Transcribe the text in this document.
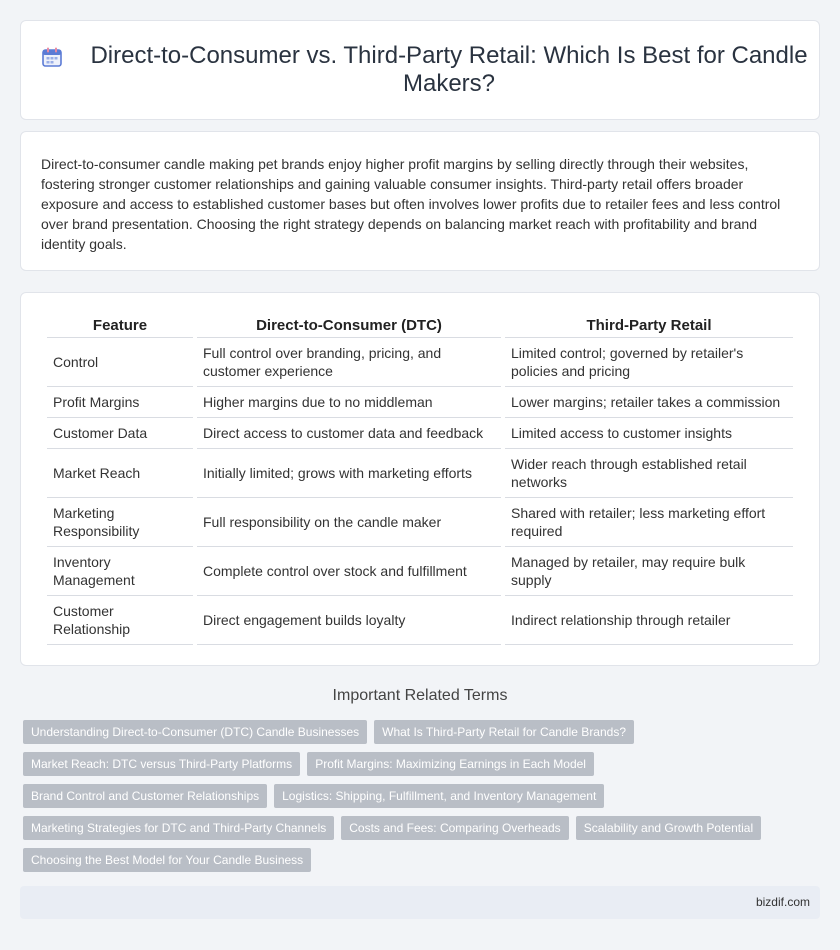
Direct-to-Consumer vs. Third-Party Retail: Which Is Best for Candle Makers?

Direct-to-consumer candle making pet brands enjoy higher profit margins by selling directly through their websites, fostering stronger customer relationships and gaining valuable consumer insights. Third-party retail offers broader exposure and access to established customer bases but often involves lower profits due to retailer fees and less control over brand presentation. Choosing the right strategy depends on balancing market reach with profitability and brand identity goals.

Feature	Direct-to-Consumer (DTC)	Third-Party Retail
Control	Full control over branding, pricing, and customer experience	Limited control; governed by retailer's policies and pricing
Profit Margins	Higher margins due to no middleman	Lower margins; retailer takes a commission
Customer Data	Direct access to customer data and feedback	Limited access to customer insights
Market Reach	Initially limited; grows with marketing efforts	Wider reach through established retail networks
Marketing Responsibility	Full responsibility on the candle maker	Shared with retailer; less marketing effort required
Inventory Management	Complete control over stock and fulfillment	Managed by retailer, may require bulk supply
Customer Relationship	Direct engagement builds loyalty	Indirect relationship through retailer
Important Related Terms
Understanding Direct-to-Consumer (DTC) Candle Businesses	What Is Third-Party Retail for Candle Brands?
Market Reach: DTC versus Third-Party Platforms	Profit Margins: Maximizing Earnings in Each Model
Brand Control and Customer Relationships	Logistics: Shipping, Fulfillment, and Inventory Management
Marketing Strategies for DTC and Third-Party Channels	Costs and Fees: Comparing Overheads	Scalability and Growth Potential
Choosing the Best Model for Your Candle Business
bizdif.com
